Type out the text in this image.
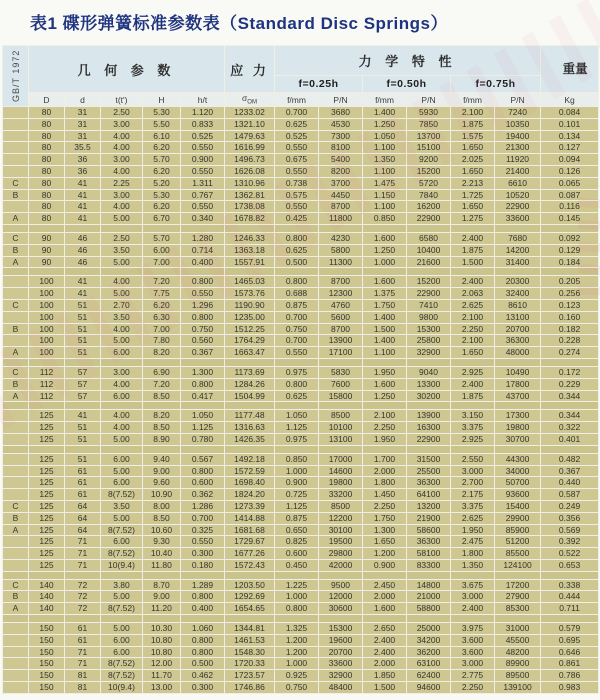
表1 碟形弹簧标准参数表（Standard Disc Springs）
GB/T 1972	几 何 参 数					应 力	力 学 特 性						重量
							f=0.25h		f=0.50h		f=0.75h		
	D	d	t(t')	H	h/t	$\sigma_{OM}$	f/mm	P/N	f/mm	P/N	f/mm	P/N	Kg
	80	31	2.50	5.30	1.120	1233.02	0.700	3680	1.400	5930	2.100	7240	0.084
	80	31	3.00	5.50	0.833	1321.10	0.625	4530	1.250	7850	1.875	10350	0.101
	80	31	4.00	6.10	0.525	1479.63	0.525	7300	1.050	13700	1.575	19400	0.134
	80	35.5	4.00	6.20	0.550	1616.99	0.550	8100	1.100	15100	1.650	21300	0.127
	80	36	3.00	5.70	0.900	1496.73	0.675	5400	1.350	9200	2.025	11920	0.094
	80	36	4.00	6.20	0.550	1626.08	0.550	8200	1.100	15200	1.650	21400	0.126
C	80	41	2.25	5.20	1.311	1310.96	0.738	3700	1.475	5720	2.213	6610	0.065
B	80	41	3.00	5.30	0.767	1362.81	0.575	4450	1.150	7840	1.725	10520	0.087
	80	41	4.00	6.20	0.550	1738.08	0.550	8700	1.100	16200	1.650	22900	0.116
A	80	41	5.00	6.70	0.340	1678.82	0.425	11800	0.850	22900	1.275	33600	0.145

C	90	46	2.50	5.70	1.280	1246.33	0.800	4230	1.600	6580	2.400	7680	0.092
B	90	46	3.50	6.00	0.714	1363.18	0.625	5800	1.250	10400	1.875	14200	0.129
A	90	46	5.00	7.00	0.400	1557.91	0.500	11300	1.000	21600	1.500	31400	0.184

	100	41	4.00	7.20	0.800	1465.03	0.800	8700	1.600	15200	2.400	20300	0.205
	100	41	5.00	7.75	0.550	1573.76	0.688	12300	1.375	22900	2.063	32400	0.256
C	100	51	2.70	6.20	1.296	1190.90	0.875	4760	1.750	7410	2.625	8610	0.123
	100	51	3.50	6.30	0.800	1235.00	0.700	5600	1.400	9800	2.100	13100	0.160
B	100	51	4.00	7.00	0.750	1512.25	0.750	8700	1.500	15300	2.250	20700	0.182
	100	51	5.00	7.80	0.560	1764.29	0.700	13900	1.400	25800	2.100	36300	0.228
A	100	51	6.00	8.20	0.367	1663.47	0.550	17100	1.100	32900	1.650	48000	0.274

C	112	57	3.00	6.90	1.300	1173.69	0.975	5830	1.950	9040	2.925	10490	0.172
B	112	57	4.00	7.20	0.800	1284.26	0.800	7600	1.600	13300	2.400	17800	0.229
A	112	57	6.00	8.50	0.417	1504.99	0.625	15800	1.250	30200	1.875	43700	0.344

	125	41	4.00	8.20	1.050	1177.48	1.050	8500	2.100	13900	3.150	17300	0.344
	125	51	4.00	8.50	1.125	1316.63	1.125	10100	2.250	16300	3.375	19800	0.322
	125	51	5.00	8.90	0.780	1426.35	0.975	13100	1.950	22900	2.925	30700	0.401

	125	51	6.00	9.40	0.567	1492.18	0.850	17000	1.700	31500	2.550	44300	0.482
	125	61	5.00	9.00	0.800	1572.59	1.000	14600	2.000	25500	3.000	34000	0.367
	125	61	6.00	9.60	0.600	1698.40	0.900	19800	1.800	36300	2.700	50700	0.440
	125	61	8(7.52)	10.90	0.362	1824.20	0.725	33200	1.450	64100	2.175	93600	0.587
C	125	64	3.50	8.00	1.286	1273.39	1.125	8500	2.250	13200	3.375	15400	0.249
B	125	64	5.00	8.50	0.700	1414.88	0.875	12200	1.750	21900	2.625	29900	0.356
A	125	64	8(7.52)	10.60	0.325	1681.68	0.650	30100	1.300	58600	1.950	85900	0.569
	125	71	6.00	9.30	0.550	1729.67	0.825	19500	1.650	36300	2.475	51200	0.392
	125	71	8(7.52)	10.40	0.300	1677.26	0.600	29800	1.200	58100	1.800	85500	0.522
	125	71	10(9.4)	11.80	0.180	1572.43	0.450	42000	0.900	83300	1.350	124100	0.653

C	140	72	3.80	8.70	1.289	1203.50	1.225	9500	2.450	14800	3.675	17200	0.338
B	140	72	5.00	9.00	0.800	1292.69	1.000	12000	2.000	21000	3.000	27900	0.444
A	140	72	8(7.52)	11.20	0.400	1654.65	0.800	30600	1.600	58800	2.400	85300	0.711

	150	61	5.00	10.30	1.060	1344.81	1.325	15300	2.650	25000	3.975	31000	0.579
	150	61	6.00	10.80	0.800	1461.53	1.200	19600	2.400	34200	3.600	45500	0.695
	150	71	6.00	10.80	0.800	1548.30	1.200	20700	2.400	36200	3.600	48200	0.646
	150	71	8(7.52)	12.00	0.500	1720.33	1.000	33600	2.000	63100	3.000	89900	0.861
	150	81	8(7.52)	11.70	0.462	1723.57	0.925	32900	1.850	62400	2.775	89500	0.786
	150	81	10(9.4)	13.00	0.300	1746.86	0.750	48400	1.500	94600	2.250	139100	0.983
